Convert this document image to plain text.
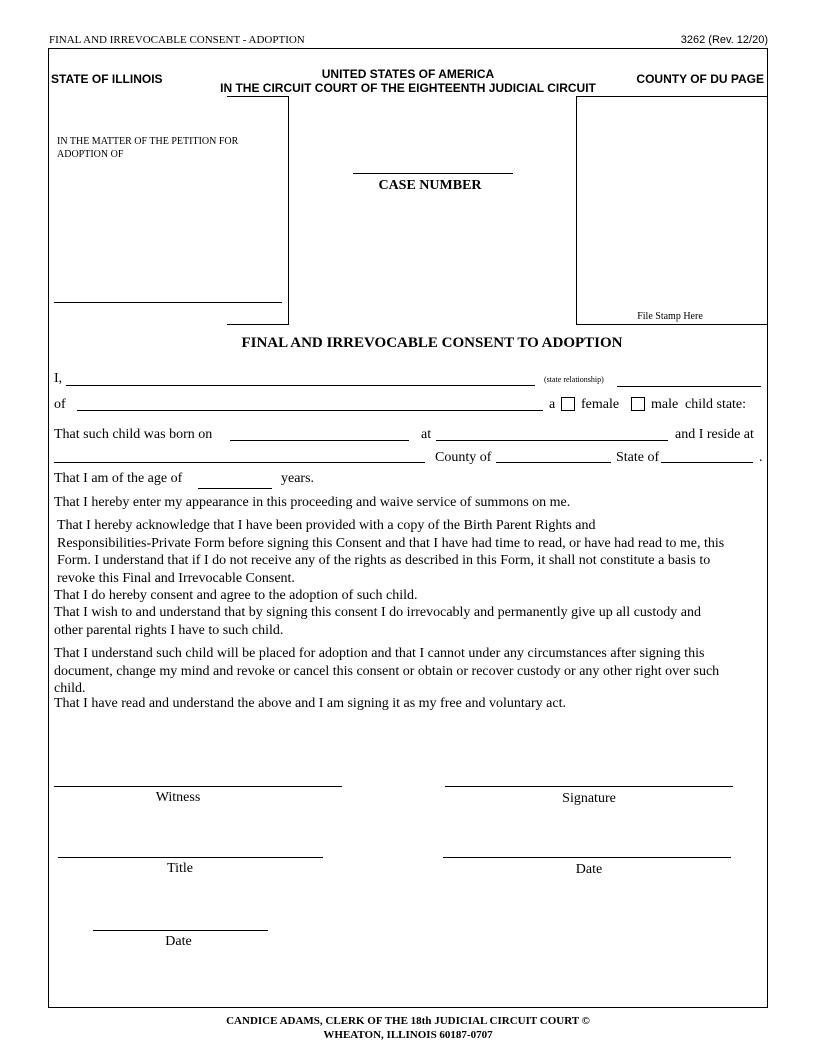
FINAL AND IRREVOCABLE CONSENT - ADOPTION	3262 (Rev. 12/20)
STATE OF ILLINOIS	UNITED STATES OF AMERICA
IN THE CIRCUIT COURT OF THE EIGHTEENTH JUDICIAL CIRCUIT
COUNTY OF DU PAGE
IN THE MATTER OF THE PETITION FOR
ADOPTION OF
CASE NUMBER
File Stamp Here
FINAL AND IRREVOCABLE CONSENT TO ADOPTION
I,	(state relationship)
of	a female male child state:
That such child was born on	at	and I reside at
County of	State of	.
That I am of the age of	years.
That I hereby enter my appearance in this proceeding and waive service of summons on me.
That I hereby acknowledge that I have been provided with a copy of the Birth Parent Rights and
Responsibilities-Private Form before signing this Consent and that I have had time to read, or have had read to me, this
Form. I understand that if I do not receive any of the rights as described in this Form, it shall not constitute a basis to
revoke this Final and Irrevocable Consent.
That I do hereby consent and agree to the adoption of such child.
That I wish to and understand that by signing this consent I do irrevocably and permanently give up all custody and
other parental rights I have to such child.
That I understand such child will be placed for adoption and that I cannot under any circumstances after signing this
document, change my mind and revoke or cancel this consent or obtain or recover custody or any other right over such
child.
That I have read and understand the above and I am signing it as my free and voluntary act.
Witness	Signature
Title	Date
Date
CANDICE ADAMS, CLERK OF THE 18th JUDICIAL CIRCUIT COURT ©
WHEATON, ILLINOIS 60187-0707
